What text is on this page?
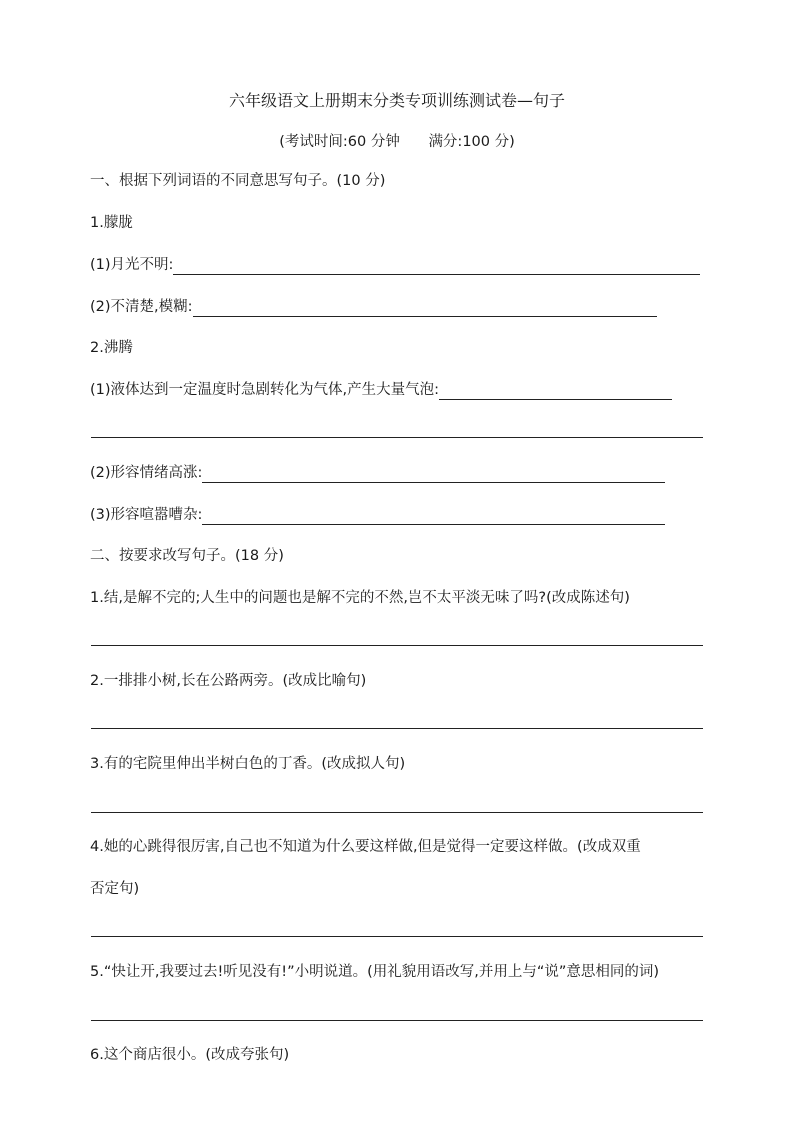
六年级语文上册期末分类专项训练测试卷—句子
(考试时间:60 分钟 满分:100 分)
一、根据下列词语的不同意思写句子。(10 分)
1.朦胧
(1)月光不明:
(2)不清楚,模糊:
2.沸腾
(1)液体达到一定温度时急剧转化为气体,产生大量气泡:
(2)形容情绪高涨:
(3)形容喧嚣嘈杂:
二、按要求改写句子。(18 分)
1.结,是解不完的;人生中的问题也是解不完的不然,岂不太平淡无味了吗?(改成陈述句)
2.一排排小树,长在公路两旁。(改成比喻句)
3.有的宅院里伸出半树白色的丁香。(改成拟人句)
4.她的心跳得很厉害,自己也不知道为什么要这样做,但是觉得一定要这样做。(改成双重
否定句)
5.“快让开,我要过去!听见没有!”小明说道。(用礼貌用语改写,并用上与“说”意思相同的词)
6.这个商店很小。(改成夸张句)
